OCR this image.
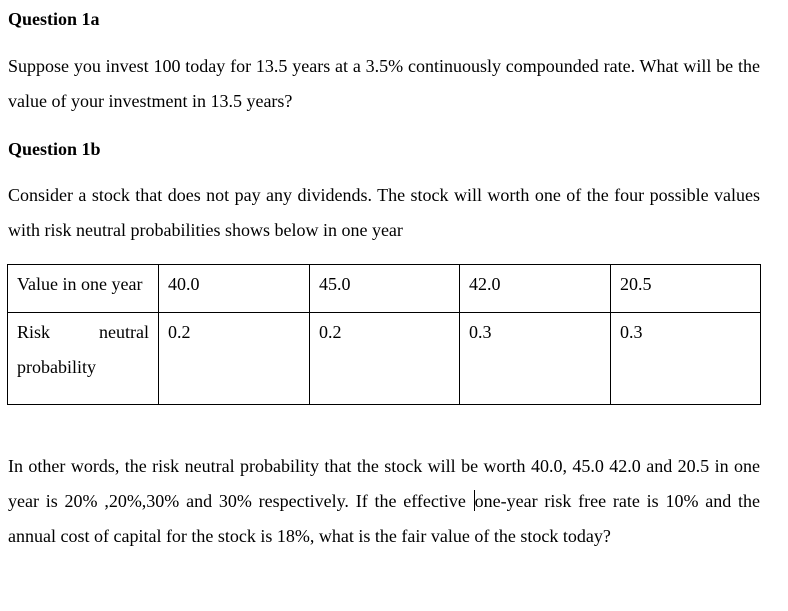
Question 1a

Suppose you invest 100 today for 13.5 years at a 3.5% continuously compounded rate. What will be the value of your investment in 13.5 years?

Question 1b

Consider a stock that does not pay any dividends. The stock will worth one of the four possible values with risk neutral probabilities shows below in one year

Value in one year	40.0	45.0	42.0	20.5
Risk neutral probability	0.2	0.2	0.3	0.3

In other words, the risk neutral probability that the stock will be worth 40.0, 45.0 42.0 and 20.5 in one year is 20% ,20%,30% and 30% respectively. If the effective one-year risk free rate is 10% and the annual cost of capital for the stock is 18%, what is the fair value of the stock today?
